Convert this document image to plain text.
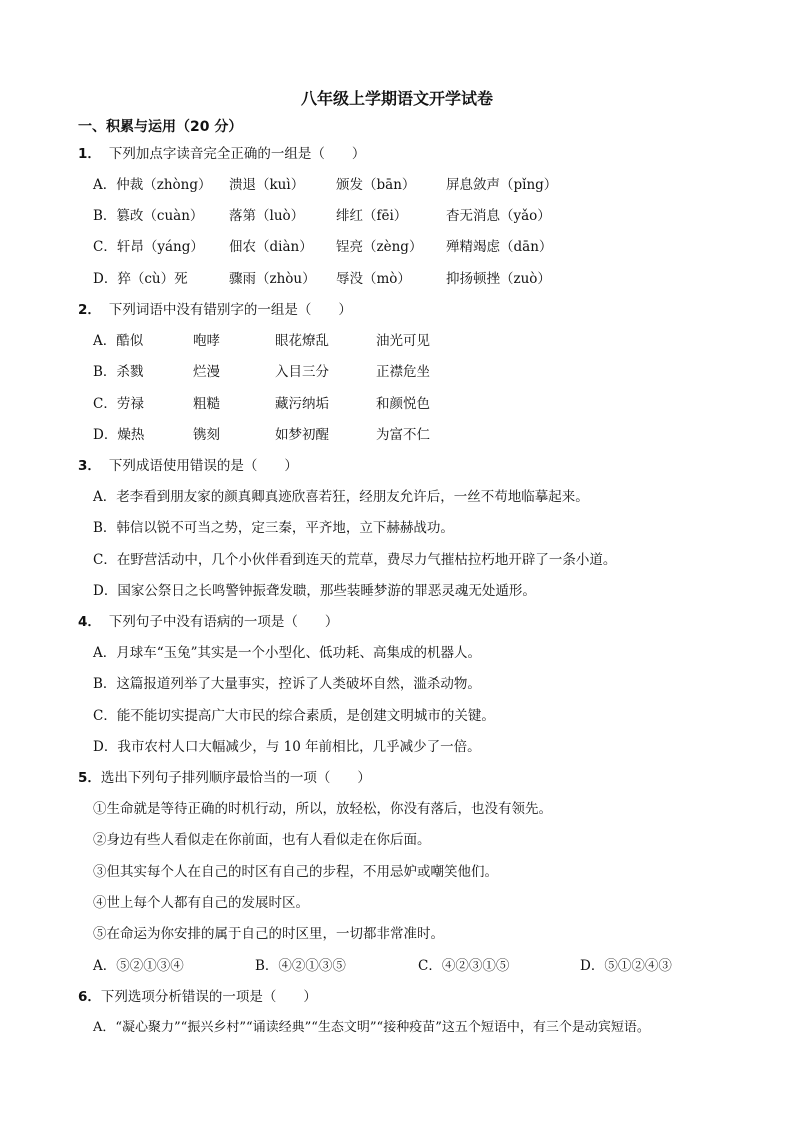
八年级上学期语文开学试卷
一、积累与运用（20 分）
1． 下列加点字读音完全正确的一组是（　　）
A．仲裁（zhòng） 溃退（kuì） 颁发（bān） 屏息敛声（pǐng）
B．篡改（cuàn） 落第（luò） 绯红（fēi）	杳无消息（yǎo）
C．轩昂（yáng） 佃农（diàn） 锃亮（zèng） 殚精竭虑（dān）
D．猝（cù）死	骤雨（zhòu） 辱没（mò）	抑扬顿挫（zuò）
2． 下列词语中没有错别字的一组是（　　）
A．酷似	咆哮	眼花燎乱	油光可见
B．杀戮	烂漫	入目三分	正襟危坐
C．劳禄	粗糙	藏污纳垢	和颜悦色
D．燥热	镌刻	如梦初醒	为富不仁
3． 下列成语使用错误的是（　　）
A．老李看到朋友家的颜真卿真迹欣喜若狂，经朋友允许后，一丝不苟地临摹起来。
B．韩信以锐不可当之势，定三秦，平齐地，立下赫赫战功。
C．在野营活动中，几个小伙伴看到连天的荒草，费尽力气摧枯拉朽地开辟了一条小道。
D．国家公祭日之长鸣警钟振聋发聩，那些装睡梦游的罪恶灵魂无处遁形。
4． 下列句子中没有语病的一项是（　　）
A．月球车“玉兔”其实是一个小型化、低功耗、高集成的机器人。
B．这篇报道列举了大量事实，控诉了人类破坏自然，滥杀动物。
C．能不能切实提高广大市民的综合素质，是创建文明城市的关键。
D．我市农村人口大幅减少，与 10 年前相比，几乎减少了一倍。
5．选出下列句子排列顺序最恰当的一项（　　）
①生命就是等待正确的时机行动，所以，放轻松，你没有落后，也没有领先。
②身边有些人看似走在你前面，也有人看似走在你后面。
③但其实每个人在自己的时区有自己的步程，不用忌妒或嘲笑他们。
④世上每个人都有自己的发展时区。
⑤在命运为你安排的属于自己的时区里，一切都非常准时。
A．⑤②①③④	B．④②①③⑤	C．④②③①⑤	D．⑤①②④③
6．下列选项分析错误的一项是（　　）
A．“凝心聚力”“振兴乡村”“诵读经典”“生态文明”“接种疫苗”这五个短语中，有三个是动宾短语。
